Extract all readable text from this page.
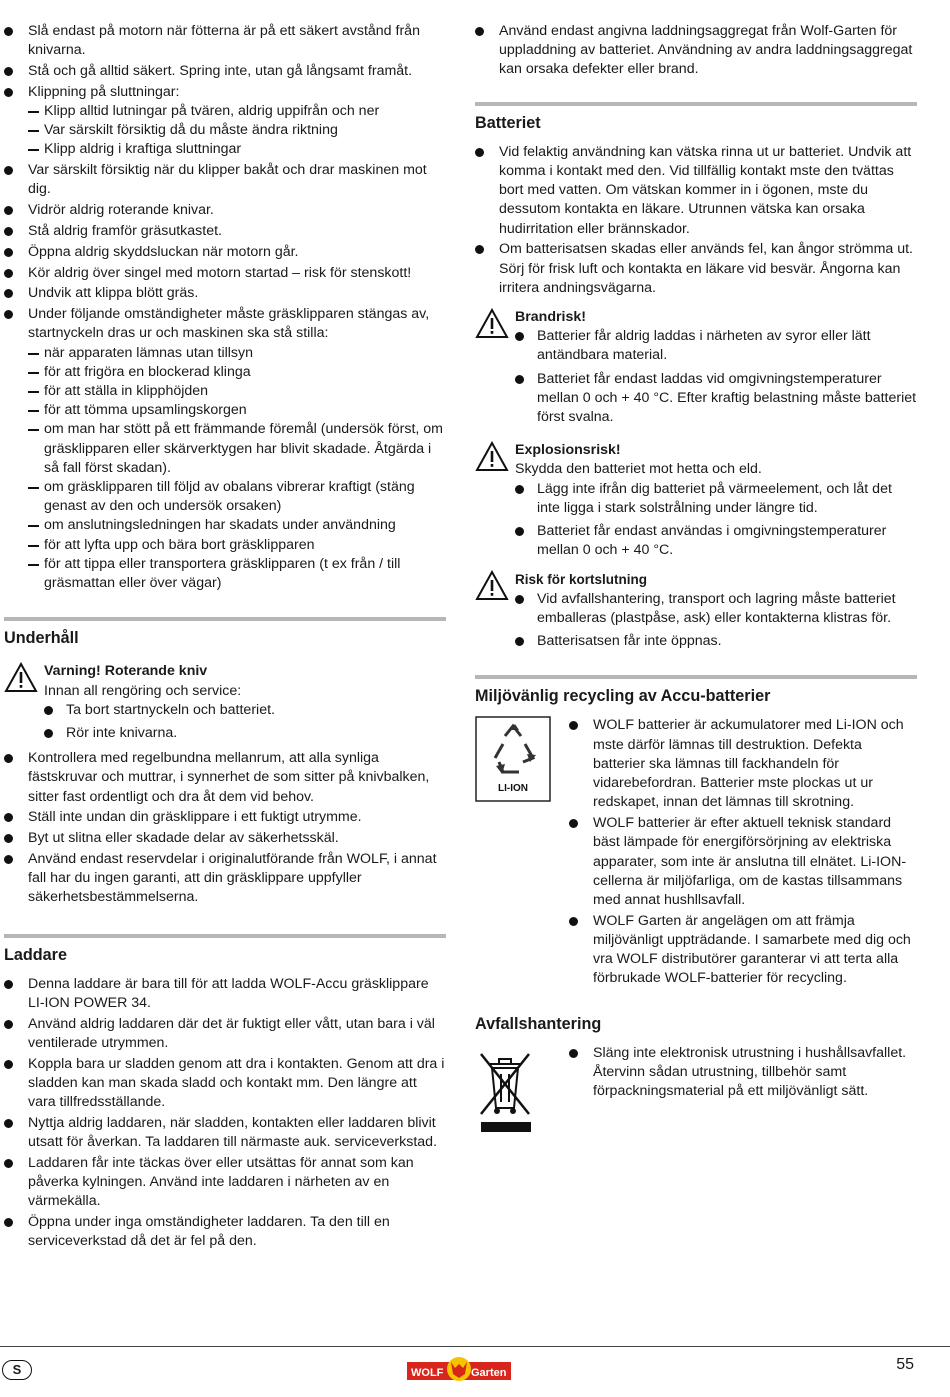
Slå endast på motorn när fötterna är på ett säkert avstånd från knivarna.
Stå och gå alltid säkert. Spring inte, utan gå långsamt framåt.
Klippning på sluttningar:
Klipp alltid lutningar på tvären, aldrig uppifrån och ner
Var särskilt försiktig då du måste ändra riktning
Klipp aldrig i kraftiga sluttningar
Var särskilt försiktig när du klipper bakåt och drar maskinen mot dig.
Vidrör aldrig roterande knivar.
Stå aldrig framför gräsutkastet.
Öppna aldrig skyddsluckan när motorn går.
Kör aldrig över singel med motorn startad – risk för stenskott!
Undvik att klippa blött gräs.
Under följande omständigheter måste gräsklipparen stängas av, startnyckeln dras ur och maskinen ska stå stilla:
när apparaten lämnas utan tillsyn
för att frigöra en blockerad klinga
för att ställa in klipphöjden
för att tömma upsamlingskorgen
om man har stött på ett främmande föremål (undersök först, om gräsklipparen eller skärverktygen har blivit skadade. Åtgärda i så fall först skadan).
om gräsklipparen till följd av obalans vibrerar kraftigt (stäng genast av den och undersök orsaken)
om anslutningsledningen har skadats under användning
för att lyfta upp och bära bort gräsklipparen
för att tippa eller transportera gräsklipparen (t ex från / till gräsmattan eller över vägar)
Underhåll
Varning! Roterande kniv
Innan all rengöring och service:
Ta bort startnyckeln och batteriet.
Rör inte knivarna.
Kontrollera med regelbundna mellanrum, att alla synliga fästskruvar och muttrar, i synnerhet de som sitter på knivbalken, sitter fast ordentligt och dra åt dem vid behov.
Ställ inte undan din gräsklippare i ett fuktigt utrymme.
Byt ut slitna eller skadade delar av säkerhetsskäl.
Använd endast reservdelar i originalutförande från WOLF, i annat fall har du ingen garanti, att din gräsklippare uppfyller säkerhetsbestämmelserna.
Laddare
Denna laddare är bara till för att ladda WOLF-Accu gräsklippare LI-ION POWER 34.
Använd aldrig laddaren där det är fuktigt eller vått, utan bara i väl ventilerade utrymmen.
Koppla bara ur sladden genom att dra i kontakten. Genom att dra i sladden kan man skada sladd och kontakt mm. Den längre att vara tillfredsställande.
Nyttja aldrig laddaren, när sladden, kontakten eller laddaren blivit utsatt för åverkan. Ta laddaren till närmaste auk. serviceverkstad.
Laddaren får inte täckas över eller utsättas för annat som kan påverka kylningen. Använd inte laddaren i närheten av en värmekälla.
Öppna under inga omständigheter laddaren. Ta den till en serviceverkstad då det är fel på den.
Använd endast angivna laddningsaggregat från Wolf-Garten för uppladdning av batteriet. Användning av andra laddningsaggregat kan orsaka defekter eller brand.
Batteriet
Vid felaktig användning kan vätska rinna ut ur batteriet. Undvik att komma i kontakt med den. Vid tillfällig kontakt mste den tvättas bort med vatten. Om vätskan kommer in i ögonen, mste du dessutom kontakta en läkare. Utrunnen vätska kan orsaka hudirritation eller brännskador.
Om batterisatsen skadas eller används fel, kan ångor strömma ut. Sörj för frisk luft och kontakta en läkare vid besvär. Ångorna kan irritera andningsvägarna.
Brandrisk!
Batterier får aldrig laddas i närheten av syror eller lätt antändbara material.
Batteriet får endast laddas vid omgivningstemperaturer mellan 0 och + 40 °C. Efter kraftig belastning måste batteriet först svalna.
Explosionsrisk!
Skydda den batteriet mot hetta och eld.
Lägg inte ifrån dig batteriet på värmeelement, och låt det inte ligga i stark solstrålning under längre tid.
Batteriet får endast användas i omgivningstemperaturer mellan 0 och + 40 °C.
Risk för kortslutning
Vid avfallshantering, transport och lagring måste batteriet emballeras (plastpåse, ask) eller kontakterna klistras för.
Batterisatsen får inte öppnas.
Miljövänlig recycling av Accu-batterier
LI-ION
WOLF batterier är ackumulatorer med Li-ION och mste därför lämnas till destruktion. Defekta batterier ska lämnas till fackhandeln för vidarebefordran. Batterier mste plockas ut ur redskapet, innan det lämnas till skrotning.
WOLF batterier är efter aktuell teknisk standard bäst lämpade för energiförsörjning av elektriska apparater, som inte är anslutna till elnätet. Li-ION-cellerna är miljöfarliga, om de kastas tillsammans med annat hushllsavfall.
WOLF Garten är angelägen om att främja miljövänligt uppträdande. I samarbete med dig och vra WOLF distributörer garanterar vi att terta alla förbrukade WOLF-batterier för recycling.
Avfallshantering
Släng inte elektronisk utrustning i hushållsavfallet. Återvinn sådan utrustning, tillbehör samt förpackningsmaterial på ett miljövänligt sätt.
S	WOLF	Garten	55
